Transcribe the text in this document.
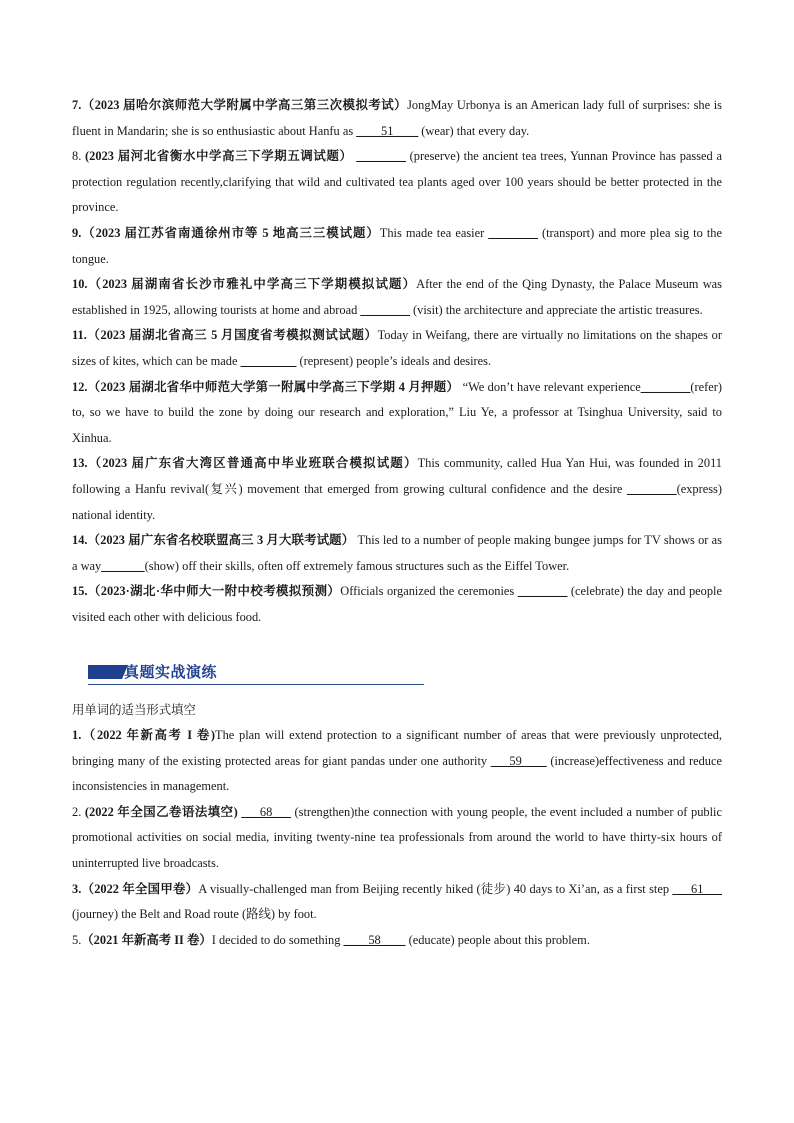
7.（2023 届哈尔滨师范大学附属中学高三第三次模拟考试）JongMay Urbonya is an American lady full of surprises: she is fluent in Mandarin; she is so enthusiastic about Hanfu as ____51____ (wear) that every day.

8. (2023 届河北省衡水中学高三下学期五调试题） ________ (preserve) the ancient tea trees, Yunnan Province has passed a protection regulation recently,clarifying that wild and cultivated tea plants aged over 100 years should be better protected in the province.

9.（2023 届江苏省南通徐州市等 5 地高三三模试题）This made tea easier ________ (transport) and more plea sig to the tongue.

10.（2023 届湖南省长沙市雅礼中学高三下学期模拟试题）After the end of the Qing Dynasty, the Palace Museum was established in 1925, allowing tourists at home and abroad ________ (visit) the architecture and appreciate the artistic treasures.

11.（2023 届湖北省高三 5 月国度省考模拟测试试题）Today in Weifang, there are virtually no limitations on the shapes or sizes of kites, which can be made _________ (represent) people’s ideals and desires.

12.（2023 届湖北省华中师范大学第一附属中学高三下学期 4 月押题） “We don’t have relevant experience________(refer) to, so we have to build the zone by doing our research and exploration,” Liu Ye, a professor at Tsinghua University, said to Xinhua.

13.（2023 届广东省大湾区普通高中毕业班联合模拟试题）This community, called Hua Yan Hui, was founded in 2011 following a Hanfu revival(复兴) movement that emerged from growing cultural confidence and the desire ________(express) national identity.

14.（2023 届广东省名校联盟高三 3 月大联考试题） This led to a number of people making bungee jumps for TV shows or as a way_______(show) off their skills, often off extremely famous structures such as the Eiffel Tower.

15.（2023·湖北·华中师大一附中校考模拟预测）Officials organized the ceremonies ________ (celebrate) the day and people visited each other with delicious food.

真题实战演练
用单词的适当形式填空

1.（2022 年新高考 I 卷)The plan will extend protection to a significant number of areas that were previously unprotected, bringing many of the existing protected areas for giant pandas under one authority ___59____ (increase)effectiveness and reduce inconsistencies in management.

2. (2022 年全国乙卷语法填空) ___68___ (strengthen)the connection with young people, the event included a number of public promotional activities on social media, inviting twenty-nine tea professionals from around the world to have thirty-six hours of uninterrupted live broadcasts.

3.（2022 年全国甲卷）A visually-challenged man from Beijing recently hiked (徒步) 40 days to Xi’an, as a first step ___61___ (journey) the Belt and Road route (路线) by foot.

5.（2021 年新高考 II 卷）I decided to do something ____58____ (educate) people about this problem.
